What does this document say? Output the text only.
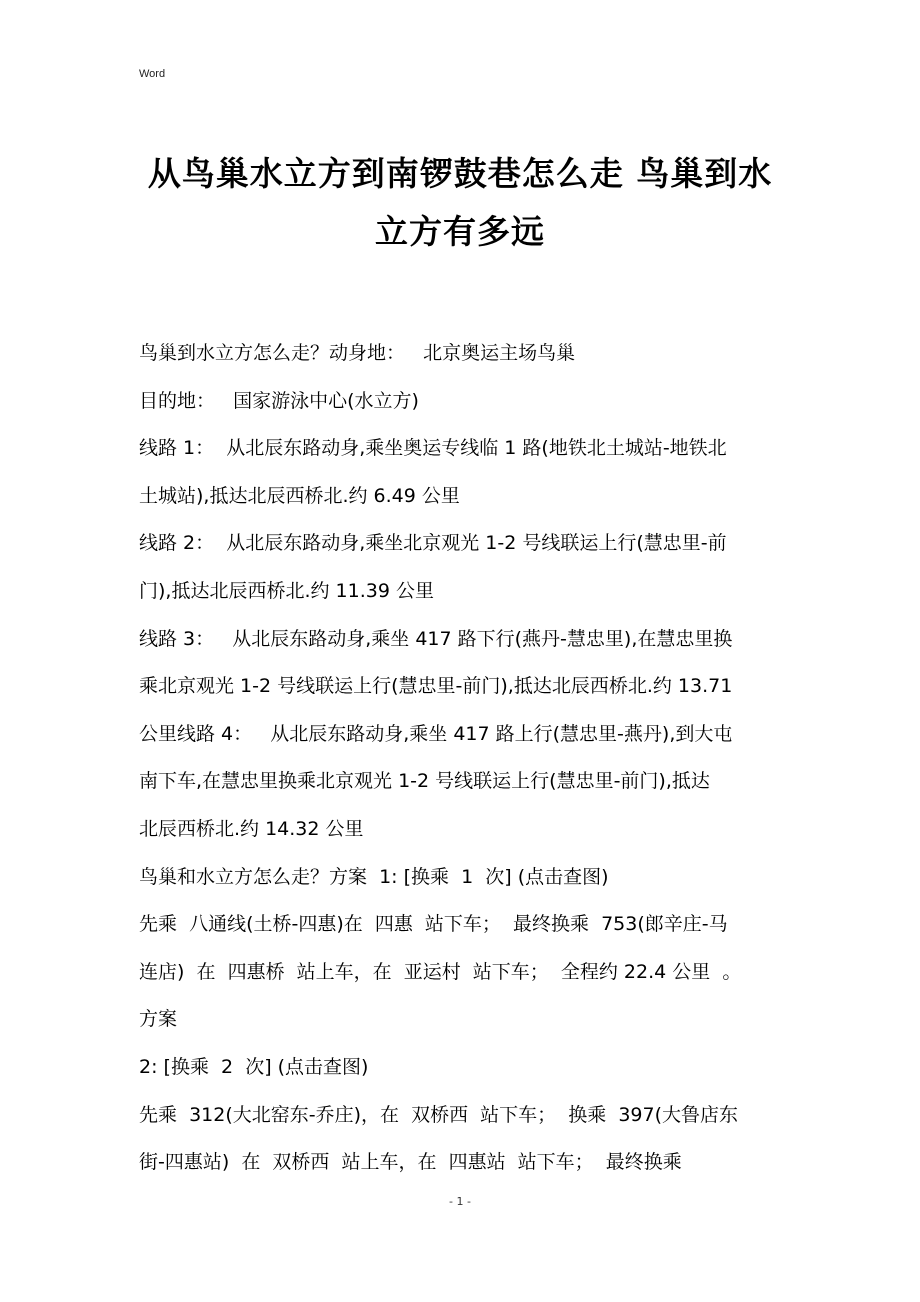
Word
从鸟巢水立方到南锣鼓巷怎么走 鸟巢到水
立方有多远
鸟巢到水立方怎么走？动身地：   北京奥运主场鸟巢
目的地：   国家游泳中心(水立方)
线路 1：  从北辰东路动身,乘坐奥运专线临 1 路(地铁北土城站-地铁北
土城站),抵达北辰西桥北.约 6.49 公里
线路 2：  从北辰东路动身,乘坐北京观光 1-2 号线联运上行(慧忠里-前
门),抵达北辰西桥北.约 11.39 公里
线路 3：   从北辰东路动身,乘坐 417 路下行(燕丹-慧忠里),在慧忠里换
乘北京观光 1-2 号线联运上行(慧忠里-前门),抵达北辰西桥北.约 13.71
公里线路 4：   从北辰东路动身,乘坐 417 路上行(慧忠里-燕丹),到大屯
南下车,在慧忠里换乘北京观光 1-2 号线联运上行(慧忠里-前门),抵达
北辰西桥北.约 14.32 公里
鸟巢和水立方怎么走？方案  1: [换乘  1  次] (点击查图)
先乘  八通线(土桥-四惠)在  四惠  站下车；  最终换乘  753(郎辛庄-马
连店)  在  四惠桥  站上车，在  亚运村  站下车；  全程约 22.4 公里  。
方案
2: [换乘  2  次] (点击查图)
先乘  312(大北窑东-乔庄)，在  双桥西  站下车；  换乘  397(大鲁店东
街-四惠站)  在  双桥西  站上车，在  四惠站  站下车；  最终换乘
- 1 -
